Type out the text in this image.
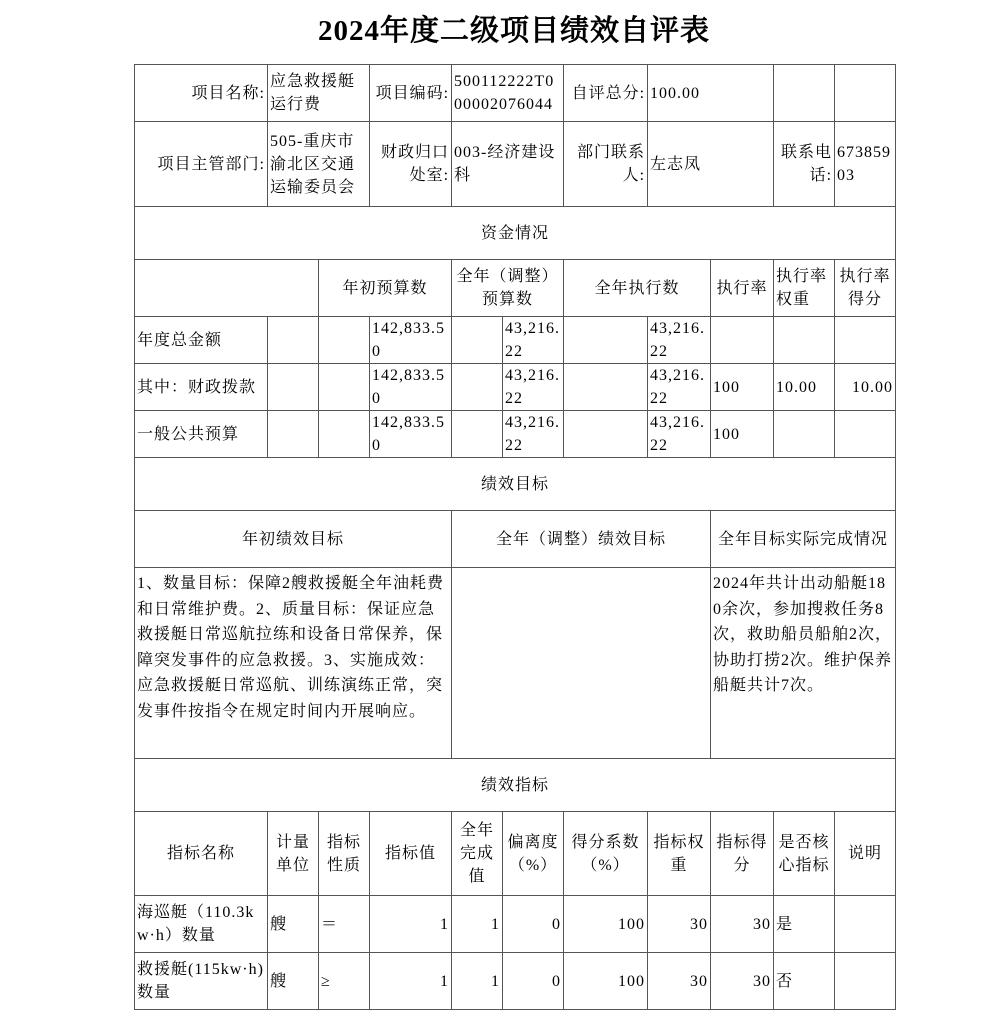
2024年度二级项目绩效自评表
项目名称:	应急救援艇运行费		项目编码:	500112222T000002076044		自评总分:	100.00			
项目主管部门:	505-重庆市渝北区交通运输委员会		财政归口处室:	003-经济建设科		部门联系人:	左志凤		联系电话:	67385903
资金情况										
		年初预算数		全年（调整）预算数		全年执行数		执行率	执行率权重	执行率得分
年度总金额			142,833.50		43,216.22		43,216.22			
其中：财政拨款			142,833.50		43,216.22		43,216.22	100	10.00	10.00
一般公共预算			142,833.50		43,216.22		43,216.22	100		
绩效目标										
年初绩效目标				全年（调整）绩效目标				全年目标实际完成情况		
1、数量目标：保障2艘救援艇全年油耗费和日常维护费。2、质量目标：保证应急救援艇日常巡航拉练和设备日常保养，保障突发事件的应急救援。3、实施成效：应急救援艇日常巡航、训练演练正常，突发事件按指令在规定时间内开展响应。								2024年共计出动船艇180余次，参加搜救任务8次，救助船员船舶2次，协助打捞2次。维护保养船艇共计7次。		
绩效指标										
指标名称	计量单位	指标性质	指标值	全年完成值	偏离度（%）	得分系数（%）	指标权重	指标得分	是否核心指标	说明
海巡艇（110.3kw·h）数量	艘	＝	1	1	0	100	30	30	是	
救援艇(115kw·h)数量	艘	≥	1	1	0	100	30	30	否	
